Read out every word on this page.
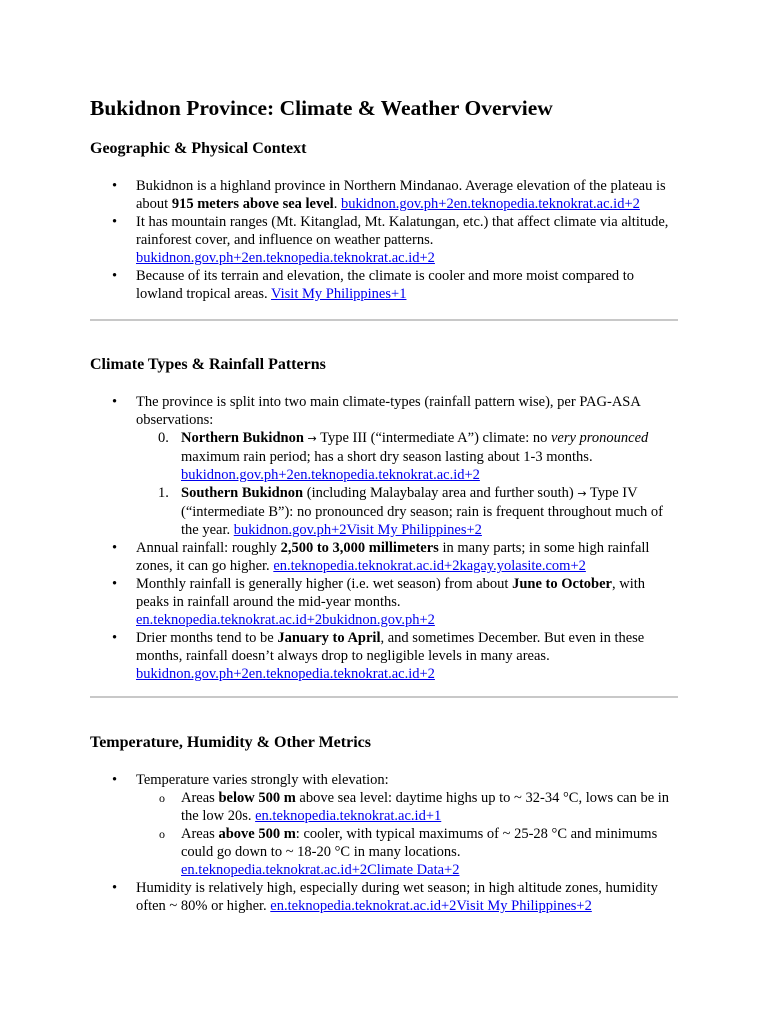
Bukidnon Province: Climate & Weather Overview
Geographic & Physical Context
• Bukidnon is a highland province in Northern Mindanao. Average elevation of the plateau is about 915 meters above sea level. bukidnon.gov.ph+2en.teknopedia.teknokrat.ac.id+2
• It has mountain ranges (Mt. Kitanglad, Mt. Kalatungan, etc.) that affect climate via altitude, rainforest cover, and influence on weather patterns. bukidnon.gov.ph+2en.teknopedia.teknokrat.ac.id+2
• Because of its terrain and elevation, the climate is cooler and more moist compared to lowland tropical areas. Visit My Philippines+1
Climate Types & Rainfall Patterns
• The province is split into two main climate-types (rainfall pattern wise), per PAG-ASA observations:
0. Northern Bukidnon → Type III (“intermediate A”) climate: no very pronounced maximum rain period; has a short dry season lasting about 1-3 months. bukidnon.gov.ph+2en.teknopedia.teknokrat.ac.id+2
1. Southern Bukidnon (including Malaybalay area and further south) → Type IV (“intermediate B”): no pronounced dry season; rain is frequent throughout much of the year. bukidnon.gov.ph+2Visit My Philippines+2
• Annual rainfall: roughly 2,500 to 3,000 millimeters in many parts; in some high rainfall zones, it can go higher. en.teknopedia.teknokrat.ac.id+2kagay.yolasite.com+2
• Monthly rainfall is generally higher (i.e. wet season) from about June to October, with peaks in rainfall around the mid-year months. en.teknopedia.teknokrat.ac.id+2bukidnon.gov.ph+2
• Drier months tend to be January to April, and sometimes December. But even in these months, rainfall doesn’t always drop to negligible levels in many areas. bukidnon.gov.ph+2en.teknopedia.teknokrat.ac.id+2
Temperature, Humidity & Other Metrics
• Temperature varies strongly with elevation:
o Areas below 500 m above sea level: daytime highs up to ~ 32-34 °C, lows can be in the low 20s. en.teknopedia.teknokrat.ac.id+1
o Areas above 500 m: cooler, with typical maximums of ~ 25-28 °C and minimums could go down to ~ 18-20 °C in many locations. en.teknopedia.teknokrat.ac.id+2Climate Data+2
• Humidity is relatively high, especially during wet season; in high altitude zones, humidity often ~ 80% or higher. en.teknopedia.teknokrat.ac.id+2Visit My Philippines+2
